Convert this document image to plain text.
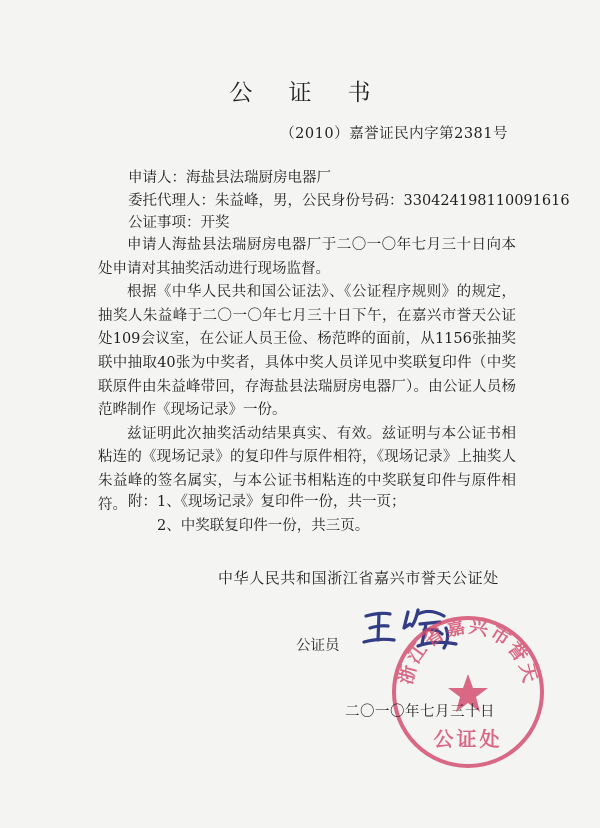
公证书
（2010）嘉誉证民内字第2381号
申请人：海盐县法瑞厨房电器厂
委托代理人：朱益峰，男，公民身份号码：330424198110091616
公证事项：开奖

申请人海盐县法瑞厨房电器厂于二〇一〇年七月三十日向本处申请对其抽奖活动进行现场监督。

根据《中华人民共和国公证法》、《公证程序规则》的规定，抽奖人朱益峰于二〇一〇年七月三十日下午，在嘉兴市誉天公证处109会议室，在公证人员王俭、杨范晔的面前，从1156张抽奖联中抽取40张为中奖者，具体中奖人员详见中奖联复印件（中奖联原件由朱益峰带回，存海盐县法瑞厨房电器厂）。由公证人员杨范晔制作《现场记录》一份。

兹证明此次抽奖活动结果真实、有效。兹证明与本公证书相粘连的《现场记录》的复印件与原件相符，《现场记录》上抽奖人朱益峰的签名属实，与本公证书相粘连的中奖联复印件与原件相符。 附：1、《现场记录》复印件一份，共一页；
2、中奖联复印件一份，共三页。
中华人民共和国浙江省嘉兴市誉天公证处
公证员
浙江省嘉兴市誉天
公证处
二〇一〇年七月三十日
